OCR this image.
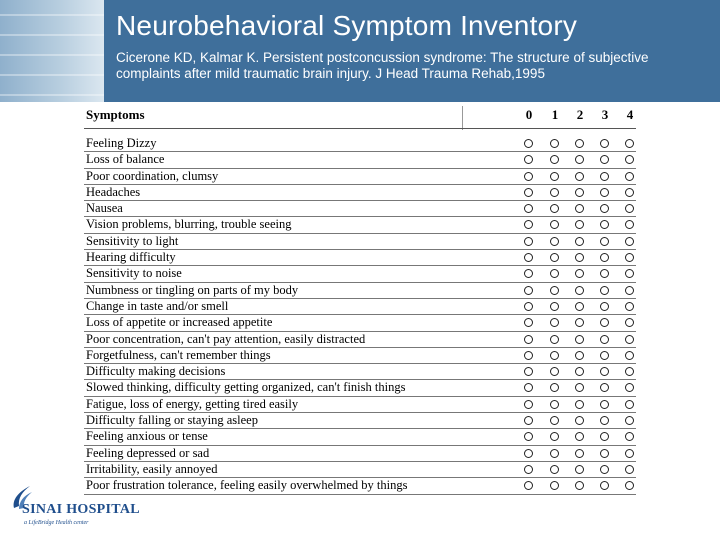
Neurobehavioral Symptom Inventory
Cicerone KD, Kalmar K. Persistent postconcussion syndrome: The structure of subjective complaints after mild traumatic brain injury. J Head Trauma Rehab,1995
Symptoms	0 1 2 3 4
Feeling Dizzy
Loss of balance
Poor coordination, clumsy
Headaches
Nausea
Vision problems, blurring, trouble seeing
Sensitivity to light
Hearing difficulty
Sensitivity to noise
Numbness or tingling on parts of my body
Change in taste and/or smell
Loss of appetite or increased appetite
Poor concentration, can't pay attention, easily distracted
Forgetfulness, can't remember things
Difficulty making decisions
Slowed thinking, difficulty getting organized, can't finish things
Fatigue, loss of energy, getting tired easily
Difficulty falling or staying asleep
Feeling anxious or tense
Feeling depressed or sad
Irritability, easily annoyed
Poor frustration tolerance, feeling easily overwhelmed by things
SINAI HOSPITAL
a LifeBridge Health center
